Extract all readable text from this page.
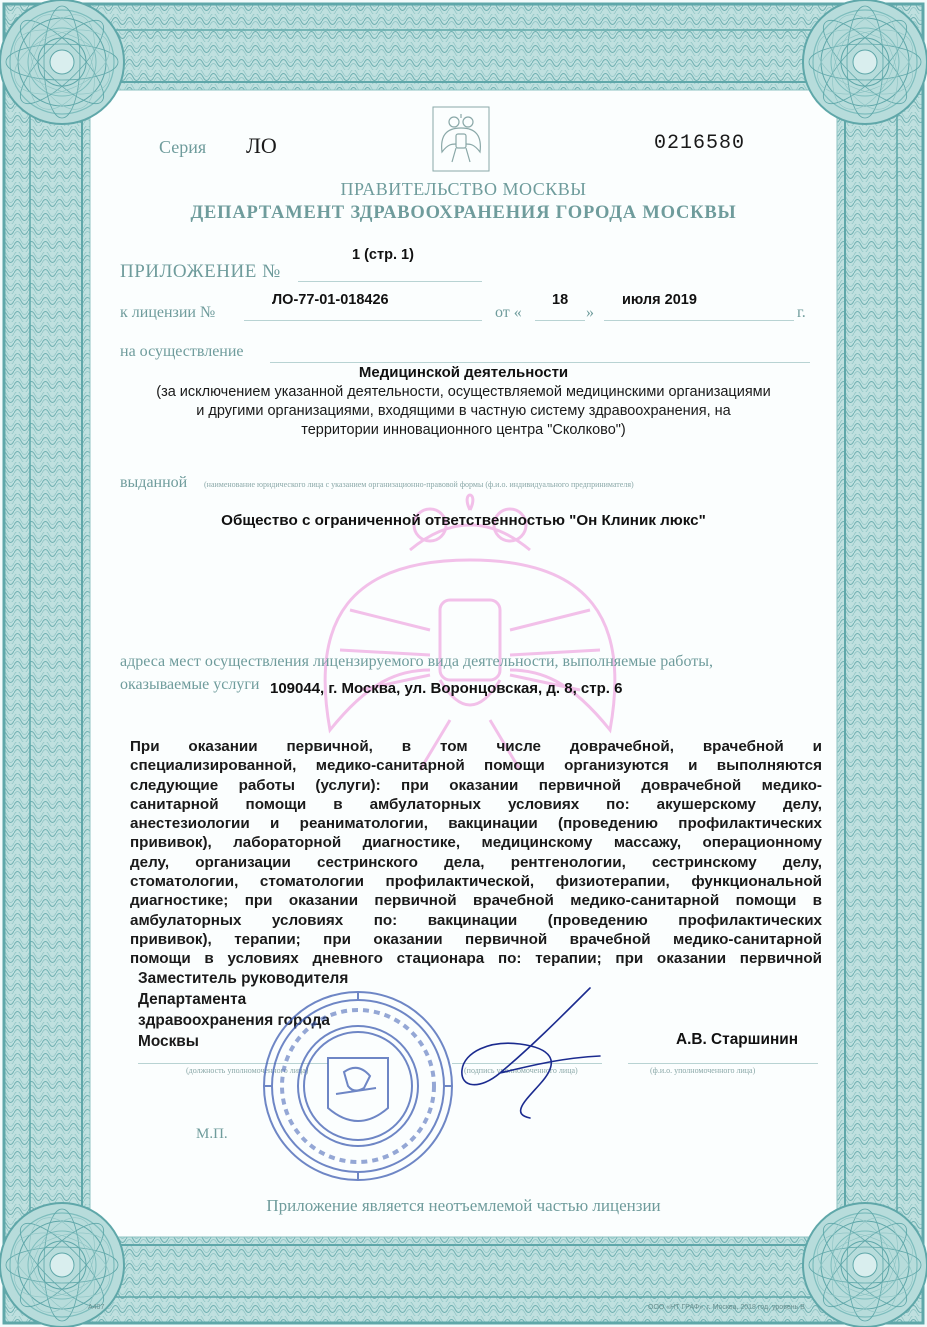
Серия ЛО	0216580
ПРАВИТЕЛЬСТВО МОСКВЫ
ДЕПАРТАМЕНТ ЗДРАВООХРАНЕНИЯ ГОРОДА МОСКВЫ
ПРИЛОЖЕНИЕ №
1 (стр. 1)
к лицензии №
ЛО-77-01-018426
от «
18
»
июля 2019
г.
на осуществление
Медицинской деятельности
(за исключением указанной деятельности, осуществляемой медицинскими организациями
и другими организациями, входящими в частную систему здравоохранения, на
территории инновационного центра "Сколково")
выданной (наименование юридического лица с указанием организационно-правовой формы (ф.и.о. индивидуального предпринимателя)
Общество с ограниченной ответственностью "Он Клиник люкс"
адреса мест осуществления лицензируемого вида деятельности, выполняемые работы,
оказываемые услуги 109044, г. Москва, ул. Воронцовская, д. 8, стр. 6
При оказании первичной, в том числе доврачебной, врачебной и
специализированной, медико-санитарной помощи организуются и выполняются
следующие работы (услуги): при оказании первичной доврачебной медико-
санитарной помощи в амбулаторных условиях по: акушерскому делу,
анестезиологии и реаниматологии, вакцинации (проведению профилактических
прививок), лабораторной диагностике, медицинскому массажу, операционному
делу, организации сестринского дела, рентгенологии, сестринскому делу,
стоматологии, стоматологии профилактической, физиотерапии, функциональной
диагностике; при оказании первичной врачебной медико-санитарной помощи в
амбулаторных условиях по: вакцинации (проведению профилактических
прививок), терапии; при оказании первичной врачебной медико-санитарной
помощи в условиях дневного стационара по: терапии; при оказании первичной
Заместитель руководителя
Департамента
здравоохранения города
Москвы	А.В. Старшинин
(должность уполномоченного лица)	(подпись уполномоченного лица)	(ф.и.о. уполномоченного лица)
М.П.
Приложение является неотъемлемой частью лицензии
А407	ООО «НТ ГРАФ», г. Москва, 2018 год, уровень В
